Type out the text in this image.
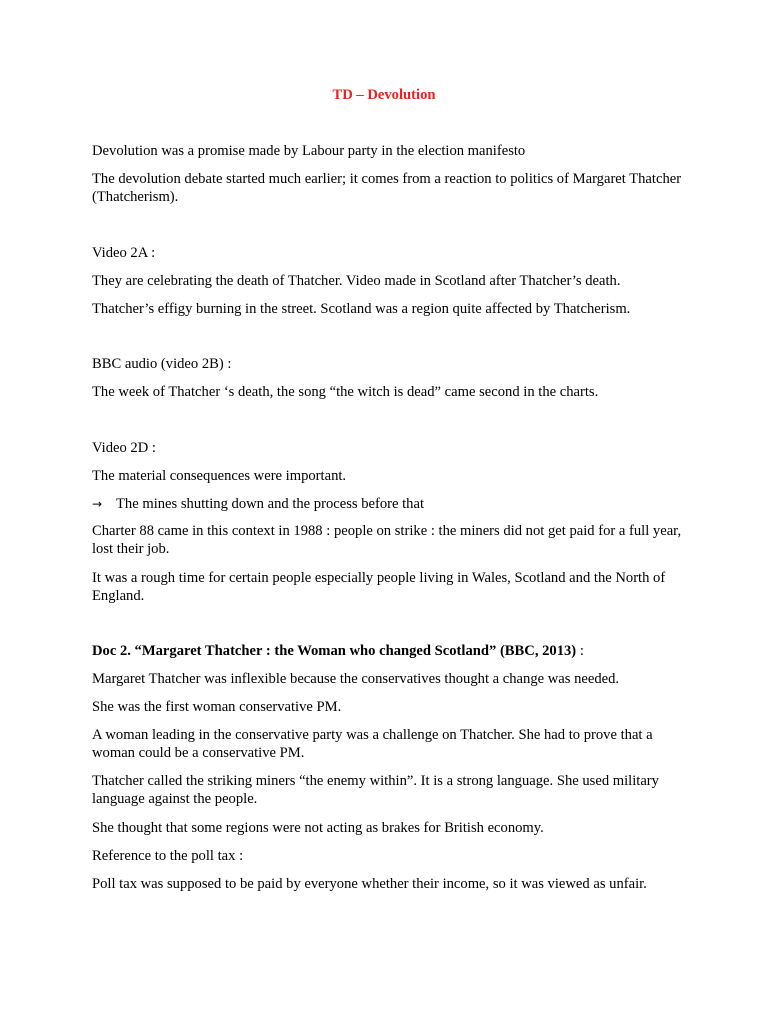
TD – Devolution

Devolution was a promise made by Labour party in the election manifesto

The devolution debate started much earlier; it comes from a reaction to politics of Margaret Thatcher (Thatcherism).

Video 2A :

They are celebrating the death of Thatcher. Video made in Scotland after Thatcher’s death.

Thatcher’s effigy burning in the street. Scotland was a region quite affected by Thatcherism.

BBC audio (video 2B) :

The week of Thatcher ‘s death, the song “the witch is dead” came second in the charts.

Video 2D :

The material consequences were important.

→ The mines shutting down and the process before that

Charter 88 came in this context in 1988 : people on strike : the miners did not get paid for a full year, lost their job.

It was a rough time for certain people especially people living in Wales, Scotland and the North of England.

Doc 2. “Margaret Thatcher : the Woman who changed Scotland” (BBC, 2013) :

Margaret Thatcher was inflexible because the conservatives thought a change was needed.

She was the first woman conservative PM.

A woman leading in the conservative party was a challenge on Thatcher. She had to prove that a woman could be a conservative PM.

Thatcher called the striking miners “the enemy within”. It is a strong language. She used military language against the people.

She thought that some regions were not acting as brakes for British economy.

Reference to the poll tax :

Poll tax was supposed to be paid by everyone whether their income, so it was viewed as unfair.
